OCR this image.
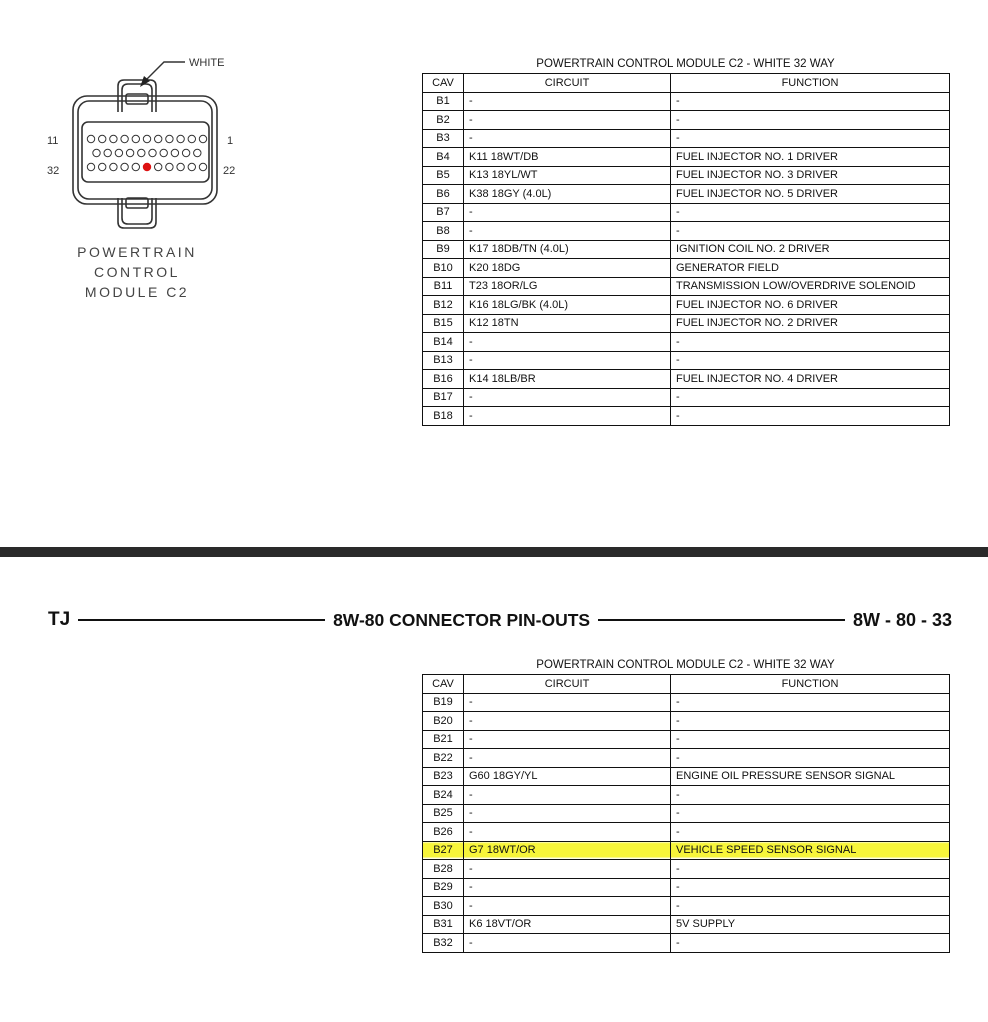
WHITE
11	1
32	22
POWERTRAIN
CONTROL
MODULE C2
POWERTRAIN CONTROL MODULE C2 - WHITE 32 WAY
CAV	CIRCUIT	FUNCTION
B1	-	-
B2	-	-
B3	-	-
B4	K11 18WT/DB	FUEL INJECTOR NO. 1 DRIVER
B5	K13 18YL/WT	FUEL INJECTOR NO. 3 DRIVER
B6	K38 18GY (4.0L)	FUEL INJECTOR NO. 5 DRIVER
B7	-	-
B8	-	-
B9	K17 18DB/TN (4.0L)	IGNITION COIL NO. 2 DRIVER
B10	K20 18DG	GENERATOR FIELD
B11	T23 18OR/LG	TRANSMISSION LOW/OVERDRIVE SOLENOID
B12	K16 18LG/BK (4.0L)	FUEL INJECTOR NO. 6 DRIVER
B15	K12 18TN	FUEL INJECTOR NO. 2 DRIVER
B14	-	-
B13	-	-
B16	K14 18LB/BR	FUEL INJECTOR NO. 4 DRIVER
B17	-	-
B18	-	-
TJ	8W-80 CONNECTOR PIN-OUTS	8W - 80 - 33
POWERTRAIN CONTROL MODULE C2 - WHITE 32 WAY
CAV	CIRCUIT	FUNCTION
B19	-	-
B20	-	-
B21	-	-
B22	-	-
B23	G60 18GY/YL	ENGINE OIL PRESSURE SENSOR SIGNAL
B24	-	-
B25	-	-
B26	-	-
B27	G7 18WT/OR	VEHICLE SPEED SENSOR SIGNAL
B28	-	-
B29	-	-
B30	-	-
B31	K6 18VT/OR	5V SUPPLY
B32	-	-
